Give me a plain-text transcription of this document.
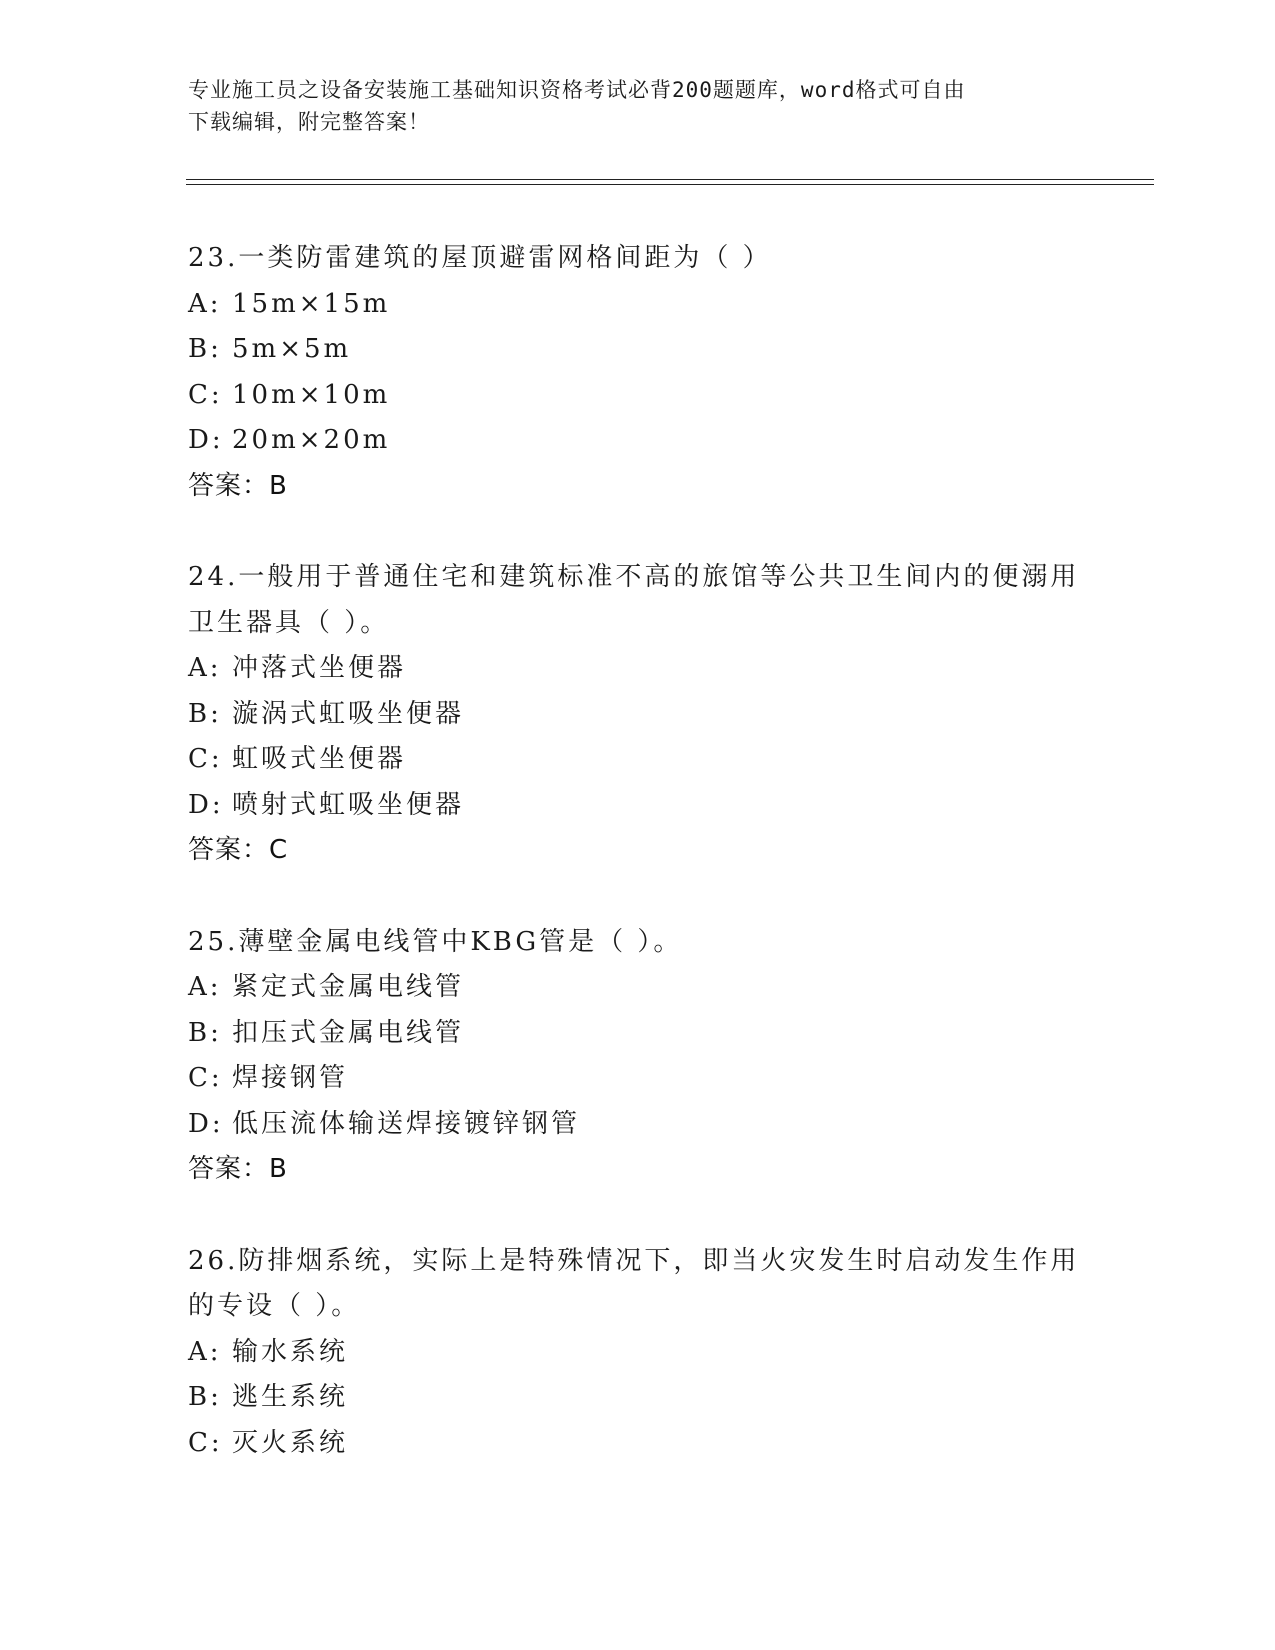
专业施工员之设备安装施工基础知识资格考试必背200题题库，word格式可自由
下载编辑，附完整答案！
23.一类防雷建筑的屋顶避雷网格间距为（ ）
A: 15m×15m
B: 5m×5m
C: 10m×10m
D: 20m×20m
答案：B
24.一般用于普通住宅和建筑标准不高的旅馆等公共卫生间内的便溺用
卫生器具（ ）。
A: 冲落式坐便器
B: 漩涡式虹吸坐便器
C: 虹吸式坐便器
D: 喷射式虹吸坐便器
答案：C
25.薄壁金属电线管中KBG管是（ ）。
A: 紧定式金属电线管
B: 扣压式金属电线管
C: 焊接钢管
D: 低压流体输送焊接镀锌钢管
答案：B
26.防排烟系统，实际上是特殊情况下，即当火灾发生时启动发生作用
的专设（ ）。
A: 输水系统
B: 逃生系统
C: 灭火系统
